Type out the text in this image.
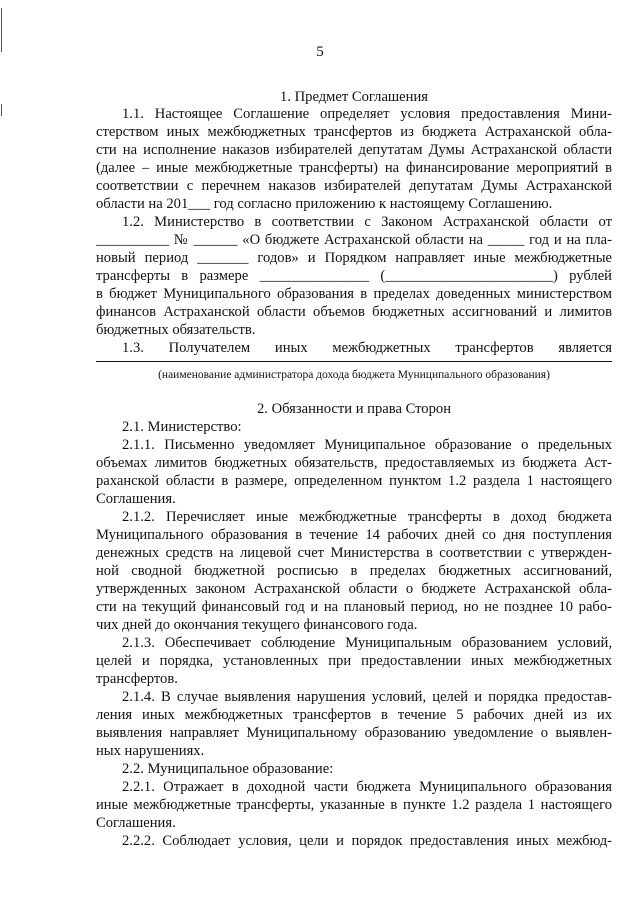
5
1. Предмет Соглашения
1.1. Настоящее Соглашение определяет условия предоставления Мини-
стерством иных межбюджетных трансфертов из бюджета Астраханской обла-
сти на исполнение наказов избирателей депутатам Думы Астраханской области
(далее – иные межбюджетные трансферты) на финансирование мероприятий в
соответствии с перечнем наказов избирателей депутатам Думы Астраханской
области на 201___ год согласно приложению к настоящему Соглашению.
1.2. Министерство в соответствии с Законом Астраханской области от
__________ № ______ «О бюджете Астраханской области на _____ год и на пла-
новый период _______ годов» и Порядком направляет иные межбюджетные
трансферты в размере _______________ (_______________________) рублей
в бюджет Муниципального образования в пределах доведенных министерством
финансов Астраханской области объемов бюджетных ассигнований и лимитов
бюджетных обязательств.
1.3. Получателем иных межбюджетных трансфертов является
(наименование администратора дохода бюджета Муниципального образования)
2. Обязанности и права Сторон
2.1. Министерство:
2.1.1. Письменно уведомляет Муниципальное образование о предельных
объемах лимитов бюджетных обязательств, предоставляемых из бюджета Аст-
раханской области в размере, определенном пунктом 1.2 раздела 1 настоящего
Соглашения.
2.1.2. Перечисляет иные межбюджетные трансферты в доход бюджета
Муниципального образования в течение 14 рабочих дней со дня поступления
денежных средств на лицевой счет Министерства в соответствии с утвержден-
ной сводной бюджетной росписью в пределах бюджетных ассигнований,
утвержденных законом Астраханской области о бюджете Астраханской обла-
сти на текущий финансовый год и на плановый период, но не позднее 10 рабо-
чих дней до окончания текущего финансового года.
2.1.3. Обеспечивает соблюдение Муниципальным образованием условий,
целей и порядка, установленных при предоставлении иных межбюджетных
трансфертов.
2.1.4. В случае выявления нарушения условий, целей и порядка предостав-
ления иных межбюджетных трансфертов в течение 5 рабочих дней из их
выявления направляет Муниципальному образованию уведомление о выявлен-
ных нарушениях.
2.2. Муниципальное образование:
2.2.1. Отражает в доходной части бюджета Муниципального образования
иные межбюджетные трансферты, указанные в пункте 1.2 раздела 1 настоящего
Соглашения.
2.2.2. Соблюдает условия, цели и порядок предоставления иных межбюд-
